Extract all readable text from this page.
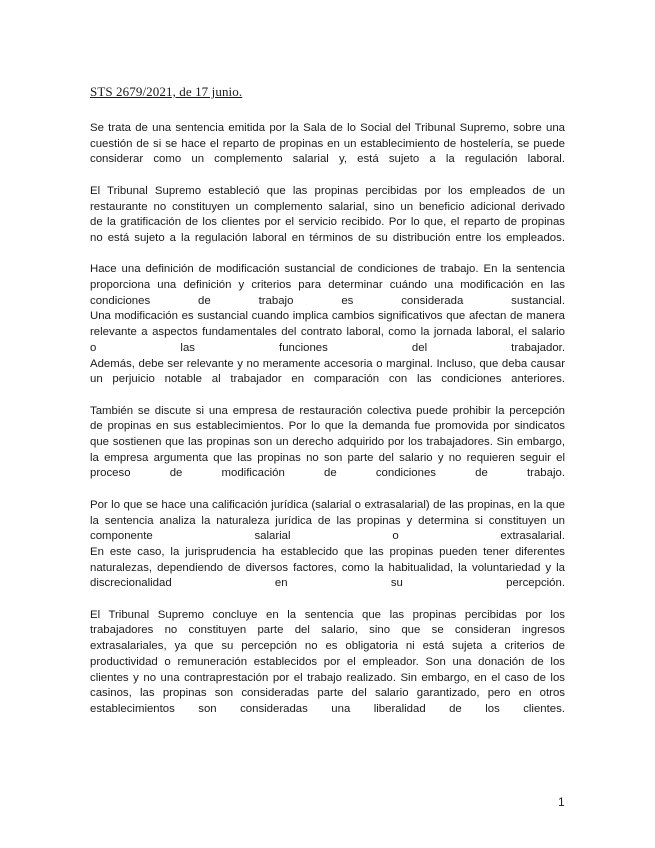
STS 2679/2021, de 17 junio.
Se trata de una sentencia emitida por la Sala de lo Social del Tribunal Supremo, sobre una
cuestión de si se hace el reparto de propinas en un establecimiento de hostelería, se puede
considerar como un complemento salarial y, está sujeto a la regulación laboral.
El Tribunal Supremo estableció que las propinas percibidas por los empleados de un
restaurante no constituyen un complemento salarial, sino un beneficio adicional derivado
de la gratificación de los clientes por el servicio recibido. Por lo que, el reparto de propinas
no está sujeto a la regulación laboral en términos de su distribución entre los empleados.
Hace una definición de modificación sustancial de condiciones de trabajo. En la sentencia
proporciona una definición y criterios para determinar cuándo una modificación en las
condiciones de trabajo es considerada sustancial.
Una modificación es sustancial cuando implica cambios significativos que afectan de manera
relevante a aspectos fundamentales del contrato laboral, como la jornada laboral, el salario
o las funciones del trabajador.
Además, debe ser relevante y no meramente accesoria o marginal. Incluso, que deba causar
un perjuicio notable al trabajador en comparación con las condiciones anteriores.
También se discute si una empresa de restauración colectiva puede prohibir la percepción
de propinas en sus establecimientos. Por lo que la demanda fue promovida por sindicatos
que sostienen que las propinas son un derecho adquirido por los trabajadores. Sin embargo,
la empresa argumenta que las propinas no son parte del salario y no requieren seguir el
proceso de modificación de condiciones de trabajo.
Por lo que se hace una calificación jurídica (salarial o extrasalarial) de las propinas, en la que
la sentencia analiza la naturaleza jurídica de las propinas y determina si constituyen un
componente salarial o extrasalarial.
En este caso, la jurisprudencia ha establecido que las propinas pueden tener diferentes
naturalezas, dependiendo de diversos factores, como la habitualidad, la voluntariedad y la
discrecionalidad en su percepción.
El Tribunal Supremo concluye en la sentencia que las propinas percibidas por los
trabajadores no constituyen parte del salario, sino que se consideran ingresos
extrasalariales, ya que su percepción no es obligatoria ni está sujeta a criterios de
productividad o remuneración establecidos por el empleador. Son una donación de los
clientes y no una contraprestación por el trabajo realizado. Sin embargo, en el caso de los
casinos, las propinas son consideradas parte del salario garantizado, pero en otros
establecimientos son consideradas una liberalidad de los clientes.
1
